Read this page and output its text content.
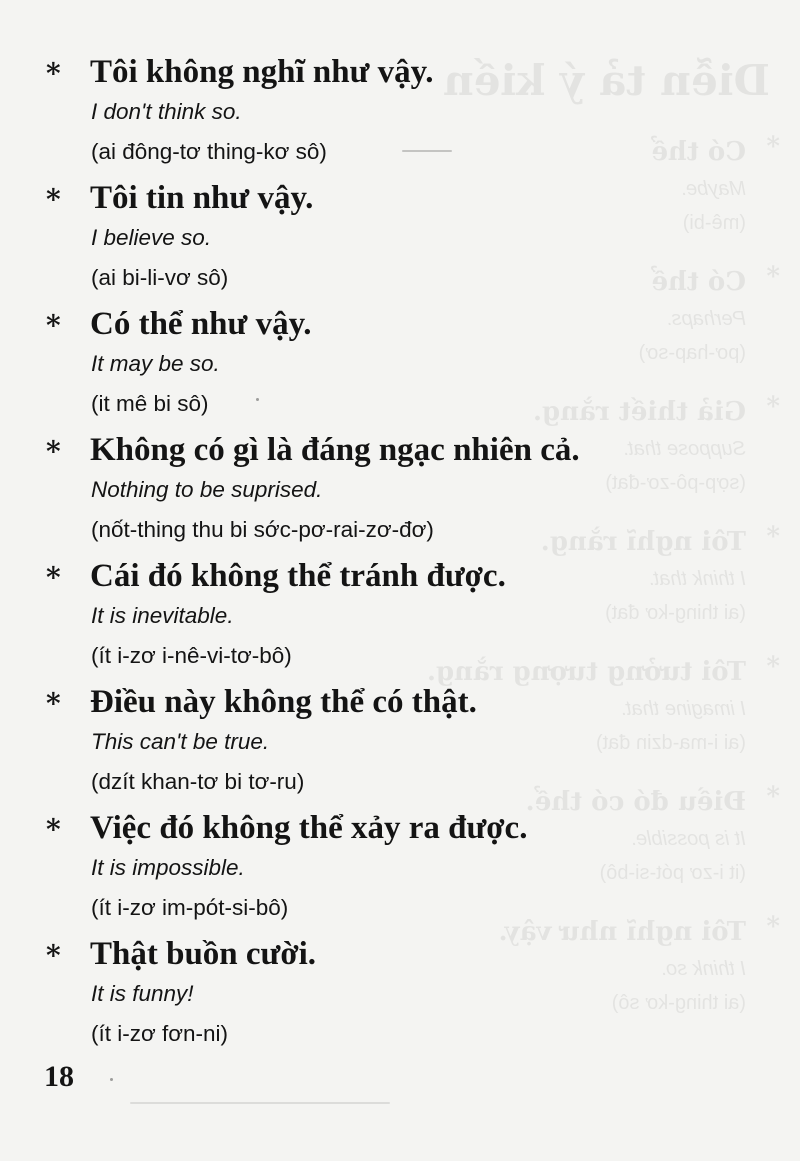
Diễn tả ý kiến
*
Có thể
Maybe.
(mê-bi)
*
Có thể
Perhaps.
(pơ-hap-sơ)
*
Giả thiết rằng.
Suppose that.
(sợp-pô-zơ-đat)
*
Tôi nghĩ rằng.
I think that.
(ai thing-kơ đat)
*
Tôi tưởng tượng rằng.
I imagine that.
(ai i-ma-dzin đat)
*
Điều đó có thể.
It is possible.
(it i-zơ pót-si-bô)
*
Tôi nghĩ như vậy.
I think so.
(ai thing-kơ sô)
* Tôi không nghĩ như vậy.
I don't think so.
(ai đông-tơ thing-kơ sô)
* Tôi tin như vậy.
I believe so.
(ai bi-li-vơ sô)
* Có thể như vậy.
It may be so.
(it mê bi sô)
* Không có gì là đáng ngạc nhiên cả.
Nothing to be suprised.
(nốt-thing thu bi sớc-pơ-rai-zơ-đơ)
* Cái đó không thể tránh được.
It is inevitable.
(ít i-zơ i-nê-vi-tơ-bô)
* Điều này không thể có thật.
This can't be true.
(dzít khan-tơ bi tơ-ru)
* Việc đó không thể xảy ra được.
It is impossible.
(ít i-zơ im-pót-si-bô)
* Thật buồn cười.
It is funny!
(ít i-zơ fơn-ni)
18
